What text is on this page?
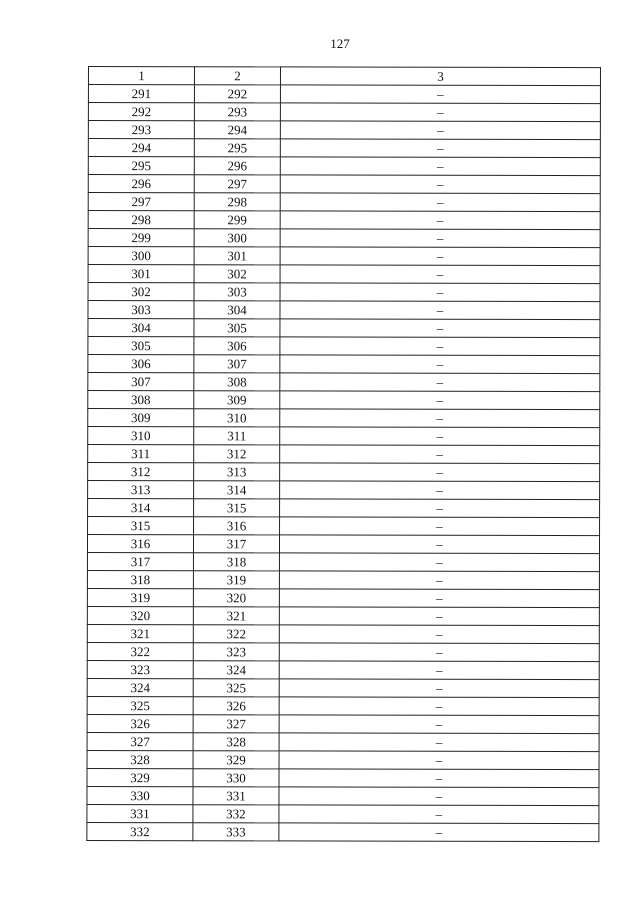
127
1	2	3
291	292	–
292	293	–
293	294	–
294	295	–
295	296	–
296	297	–
297	298	–
298	299	–
299	300	–
300	301	–
301	302	–
302	303	–
303	304	–
304	305	–
305	306	–
306	307	–
307	308	–
308	309	–
309	310	–
310	311	–
311	312	–
312	313	–
313	314	–
314	315	–
315	316	–
316	317	–
317	318	–
318	319	–
319	320	–
320	321	–
321	322	–
322	323	–
323	324	–
324	325	–
325	326	–
326	327	–
327	328	–
328	329	–
329	330	–
330	331	–
331	332	–
332	333	–
